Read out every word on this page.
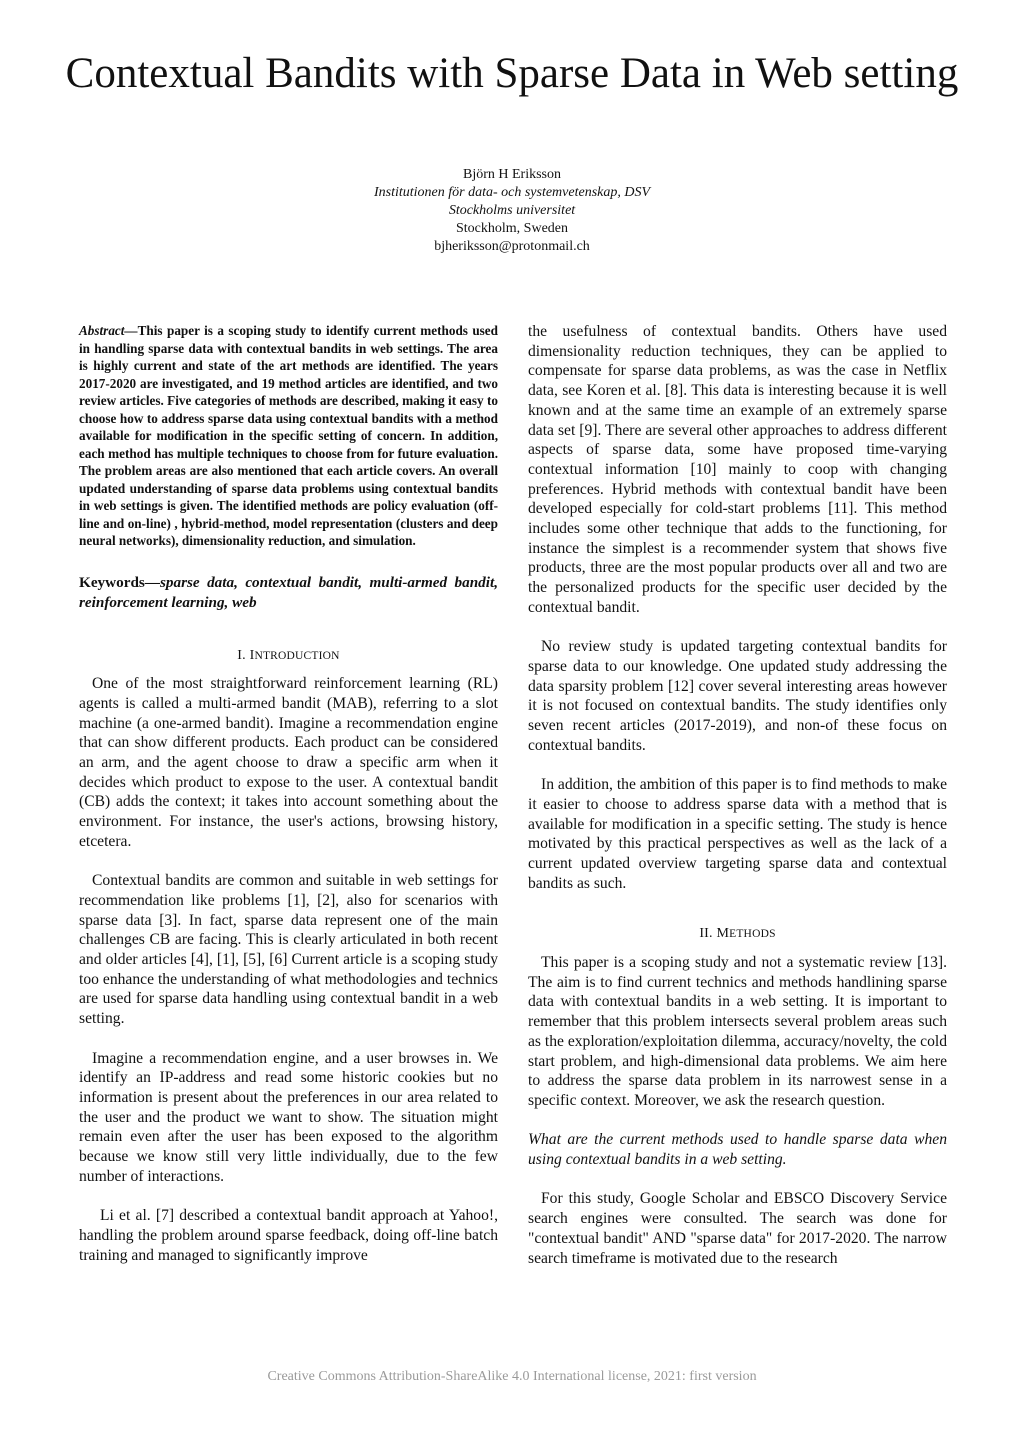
Contextual Bandits with Sparse Data in Web setting
Björn H Eriksson
Institutionen för data- och systemvetenskap, DSV
Stockholms universitet
Stockholm, Sweden
bjheriksson@protonmail.ch

Abstract—This paper is a scoping study to identify current methods used in handling sparse data with contextual bandits in web settings. The area is highly current and state of the art methods are identified. The years 2017-2020 are investigated, and 19 method articles are identified, and two review articles. Five categories of methods are described, making it easy to choose how to address sparse data using contextual bandits with a method available for modification in the specific setting of concern. In addition, each method has multiple techniques to choose from for future evaluation. The problem areas are also mentioned that each article covers. An overall updated understanding of sparse data problems using contextual bandits in web settings is given. The identified methods are policy evaluation (off-line and on-line) , hybrid-method, model representation (clusters and deep neural networks), dimensionality reduction, and simulation.

Keywords—sparse data, contextual bandit, multi-armed bandit, reinforcement learning, web

I. INTRODUCTION

One of the most straightforward reinforcement learning (RL) agents is called a multi-armed bandit (MAB), referring to a slot machine (a one-armed bandit). Imagine a recommendation engine that can show different products. Each product can be considered an arm, and the agent choose to draw a specific arm when it decides which product to expose to the user. A contextual bandit (CB) adds the context; it takes into account something about the environment. For instance, the user's actions, browsing history, etcetera.

Contextual bandits are common and suitable in web settings for recommendation like problems [1], [2], also for scenarios with sparse data [3]. In fact, sparse data represent one of the main challenges CB are facing. This is clearly articulated in both recent and older articles [4], [1], [5], [6] Current article is a scoping study too enhance the understanding of what methodologies and technics are used for sparse data handling using contextual bandit in a web setting.

Imagine a recommendation engine, and a user browses in. We identify an IP-address and read some historic cookies but no information is present about the preferences in our area related to the user and the product we want to show. The situation might remain even after the user has been exposed to the algorithm because we know still very little individually, due to the few number of interactions.

Li et al. [7] described a contextual bandit approach at Yahoo!, handling the problem around sparse feedback, doing off-line batch training and managed to significantly improve

the usefulness of contextual bandits. Others have used dimensionality reduction techniques, they can be applied to compensate for sparse data problems, as was the case in Netflix data, see Koren et al. [8]. This data is interesting because it is well known and at the same time an example of an extremely sparse data set [9]. There are several other approaches to address different aspects of sparse data, some have proposed time-varying contextual information [10] mainly to coop with changing preferences. Hybrid methods with contextual bandit have been developed especially for cold-start problems [11]. This method includes some other technique that adds to the functioning, for instance the simplest is a recommender system that shows five products, three are the most popular products over all and two are the personalized products for the specific user decided by the contextual bandit.

No review study is updated targeting contextual bandits for sparse data to our knowledge. One updated study addressing the data sparsity problem [12] cover several interesting areas however it is not focused on contextual bandits. The study identifies only seven recent articles (2017-2019), and non-of these focus on contextual bandits.

In addition, the ambition of this paper is to find methods to make it easier to choose to address sparse data with a method that is available for modification in a specific setting. The study is hence motivated by this practical perspectives as well as the lack of a current updated overview targeting sparse data and contextual bandits as such.

II. METHODS

This paper is a scoping study and not a systematic review [13]. The aim is to find current technics and methods handlining sparse data with contextual bandits in a web setting. It is important to remember that this problem intersects several problem areas such as the exploration/exploitation dilemma, accuracy/novelty, the cold start problem, and high-dimensional data problems. We aim here to address the sparse data problem in its narrowest sense in a specific context. Moreover, we ask the research question.

What are the current methods used to handle sparse data when using contextual bandits in a web setting.

For this study, Google Scholar and EBSCO Discovery Service search engines were consulted. The search was done for "contextual bandit" AND "sparse data" for 2017-2020. The narrow search timeframe is motivated due to the research

Creative Commons Attribution-ShareAlike 4.0 International license, 2021: first version
